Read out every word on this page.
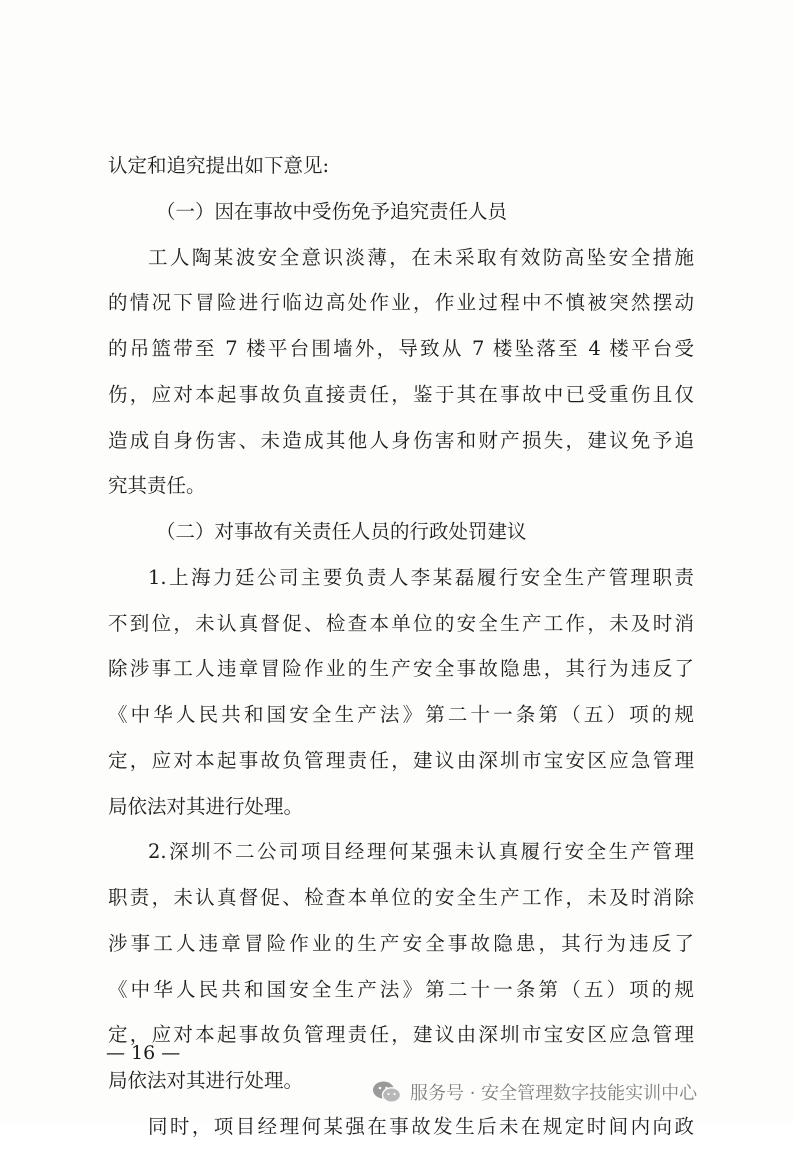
认定和追究提出如下意见:
（一）因在事故中受伤免予追究责任人员
工人陶某波安全意识淡薄，在未采取有效防高坠安全措施
的情况下冒险进行临边高处作业，作业过程中不慎被突然摆动
的吊篮带至 7 楼平台围墙外，导致从 7 楼坠落至 4 楼平台受
伤，应对本起事故负直接责任，鉴于其在事故中已受重伤且仅
造成自身伤害、未造成其他人身伤害和财产损失，建议免予追
究其责任。
（二）对事故有关责任人员的行政处罚建议
1.上海力廷公司主要负责人李某磊履行安全生产管理职责
不到位，未认真督促、检查本单位的安全生产工作，未及时消
除涉事工人违章冒险作业的生产安全事故隐患，其行为违反了
《中华人民共和国安全生产法》第二十一条第（五）项的规
定，应对本起事故负管理责任，建议由深圳市宝安区应急管理
局依法对其进行处理。
2.深圳不二公司项目经理何某强未认真履行安全生产管理
职责，未认真督促、检查本单位的安全生产工作，未及时消除
涉事工人违章冒险作业的生产安全事故隐患，其行为违反了
《中华人民共和国安全生产法》第二十一条第（五）项的规
定，应对本起事故负管理责任，建议由深圳市宝安区应急管理
局依法对其进行处理。
同时，项目经理何某强在事故发生后未在规定时间内向政
— 16 —
服务号 · 安全管理数字技能实训中心
